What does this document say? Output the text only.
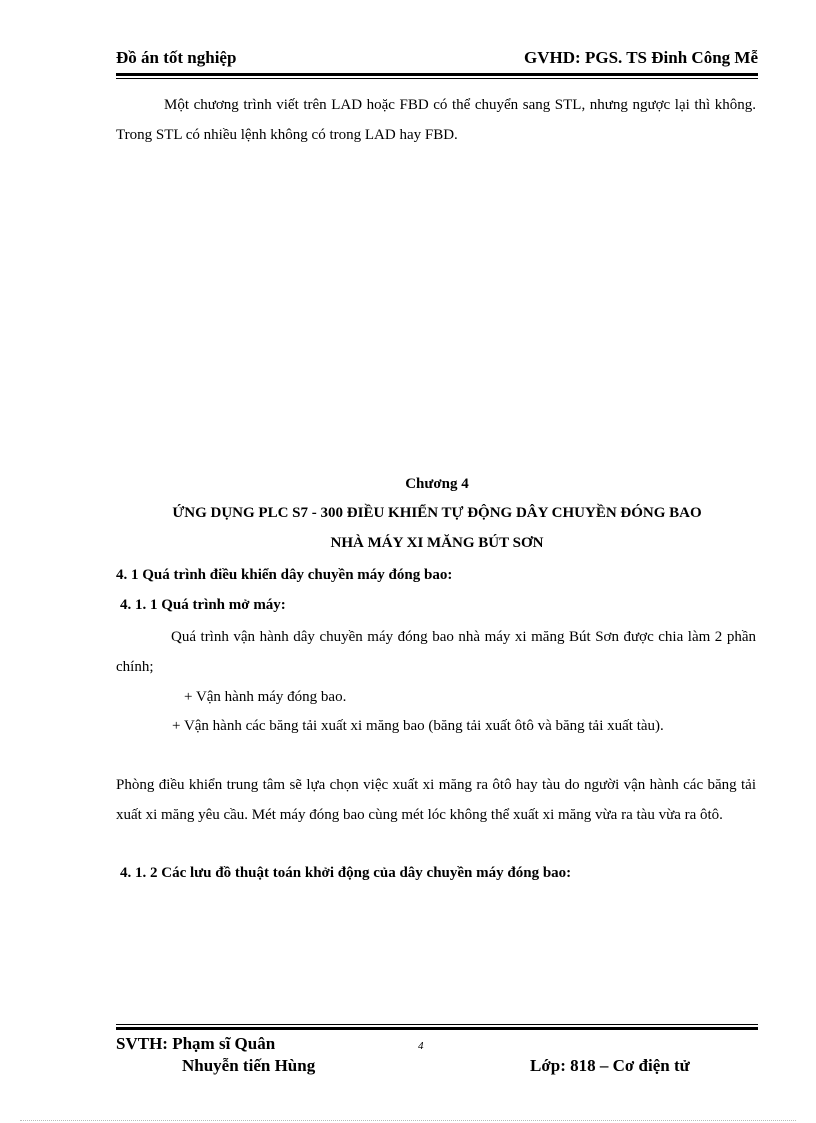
Đồ án tốt nghiệp	GVHD: PGS. TS Đinh Công Mễ
Một chương trình viết trên LAD hoặc FBD có thể chuyển sang STL, nhưng ngược lại thì không. Trong STL có nhiều lệnh không có trong LAD hay FBD.
Chương 4
ỨNG DỤNG PLC S7 - 300 ĐIỀU KHIỂN TỰ ĐỘNG DÂY CHUYỀN ĐÓNG BAO
NHÀ MÁY XI MĂNG BÚT SƠN
4. 1 Quá trình điều khiển dây chuyền máy đóng bao:
4. 1. 1 Quá trình mở máy:
Quá trình vận hành dây chuyền máy đóng bao nhà máy xi măng Bút Sơn được chia làm 2 phần chính;
+ Vận hành máy đóng bao.
+ Vận hành các băng tải xuất xi măng bao (băng tải xuất ôtô và băng tải xuất tàu).
Phòng điều khiển trung tâm sẽ lựa chọn việc xuất xi măng ra ôtô hay tàu do người vận hành các băng tải xuất xi măng yêu cầu. Mét máy đóng bao cùng mét lóc không thể xuất xi măng vừa ra tàu vừa ra ôtô.
4. 1. 2 Các lưu đồ thuật toán khởi động của dây chuyền máy đóng bao:
SVTH: Phạm sĩ Quân	4
Nhuyễn tiến Hùng	Lớp: 818 – Cơ điện tử
